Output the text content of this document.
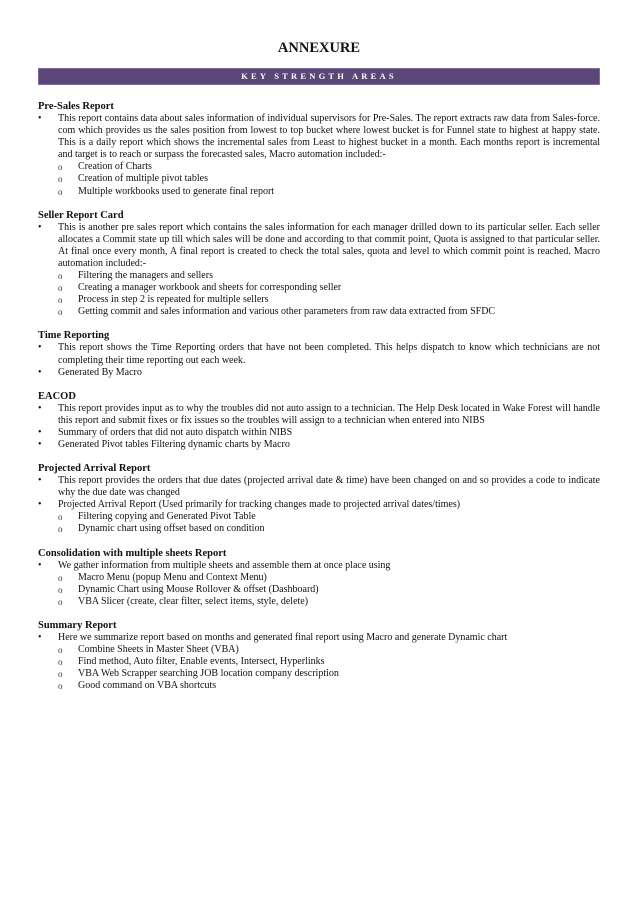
ANNEXURE
KEY STRENGTH AREAS
Pre-Sales Report
•	This report contains data about sales information of individual supervisors for Pre-Sales. The report extracts raw data from Sales-force. com which provides us the sales position from lowest to top bucket where lowest bucket is for Funnel state to highest at happy state. This is a daily report which shows the incremental sales from Least to highest bucket in a month. Each months report is incremental and target is to reach or surpass the forecasted sales, Macro automation included:-
o Creation of Charts
o Creation of multiple pivot tables
o Multiple workbooks used to generate final report
Seller Report Card
•	This is another pre sales report which contains the sales information for each manager drilled down to its particular seller. Each seller allocates a Commit state up till which sales will be done and according to that commit point, Quota is assigned to that particular seller. At final once every month, A final report is created to check the total sales, quota and level to which commit point is reached. Macro automation included:-
o Filtering the managers and sellers
o Creating a manager workbook and sheets for corresponding seller
o Process in step 2 is repeated for multiple sellers
o Getting commit and sales information and various other parameters from raw data extracted from SFDC
Time Reporting
•	This report shows the Time Reporting orders that have not been completed. This helps dispatch to know which technicians are not completing their time reporting out each week.
•	Generated By Macro
EACOD
•	This report provides input as to why the troubles did not auto assign to a technician. The Help Desk located in Wake Forest will handle this report and submit fixes or fix issues so the troubles will assign to a technician when entered into NIBS
•	Summary of orders that did not auto dispatch within NIBS
•	Generated Pivot tables Filtering dynamic charts by Macro
Projected Arrival Report
•	This report provides the orders that due dates (projected arrival date & time) have been changed on and so provides a code to indicate why the due date was changed
•	Projected Arrival Report (Used primarily for tracking changes made to projected arrival dates/times)
o Filtering copying and Generated Pivot Table
o Dynamic chart using offset based on condition
Consolidation with multiple sheets Report
•	We gather information from multiple sheets and assemble them at once place using
o Macro Menu (popup Menu and Context Menu)
o Dynamic Chart using Mouse Rollover & offset (Dashboard)
o VBA Slicer (create, clear filter, select items, style, delete)
Summary Report
•	Here we summarize report based on months and generated final report using Macro and generate Dynamic chart
o Combine Sheets in Master Sheet (VBA)
o Find method, Auto filter, Enable events, Intersect, Hyperlinks
o VBA Web Scrapper searching JOB location company description
o Good command on VBA shortcuts
